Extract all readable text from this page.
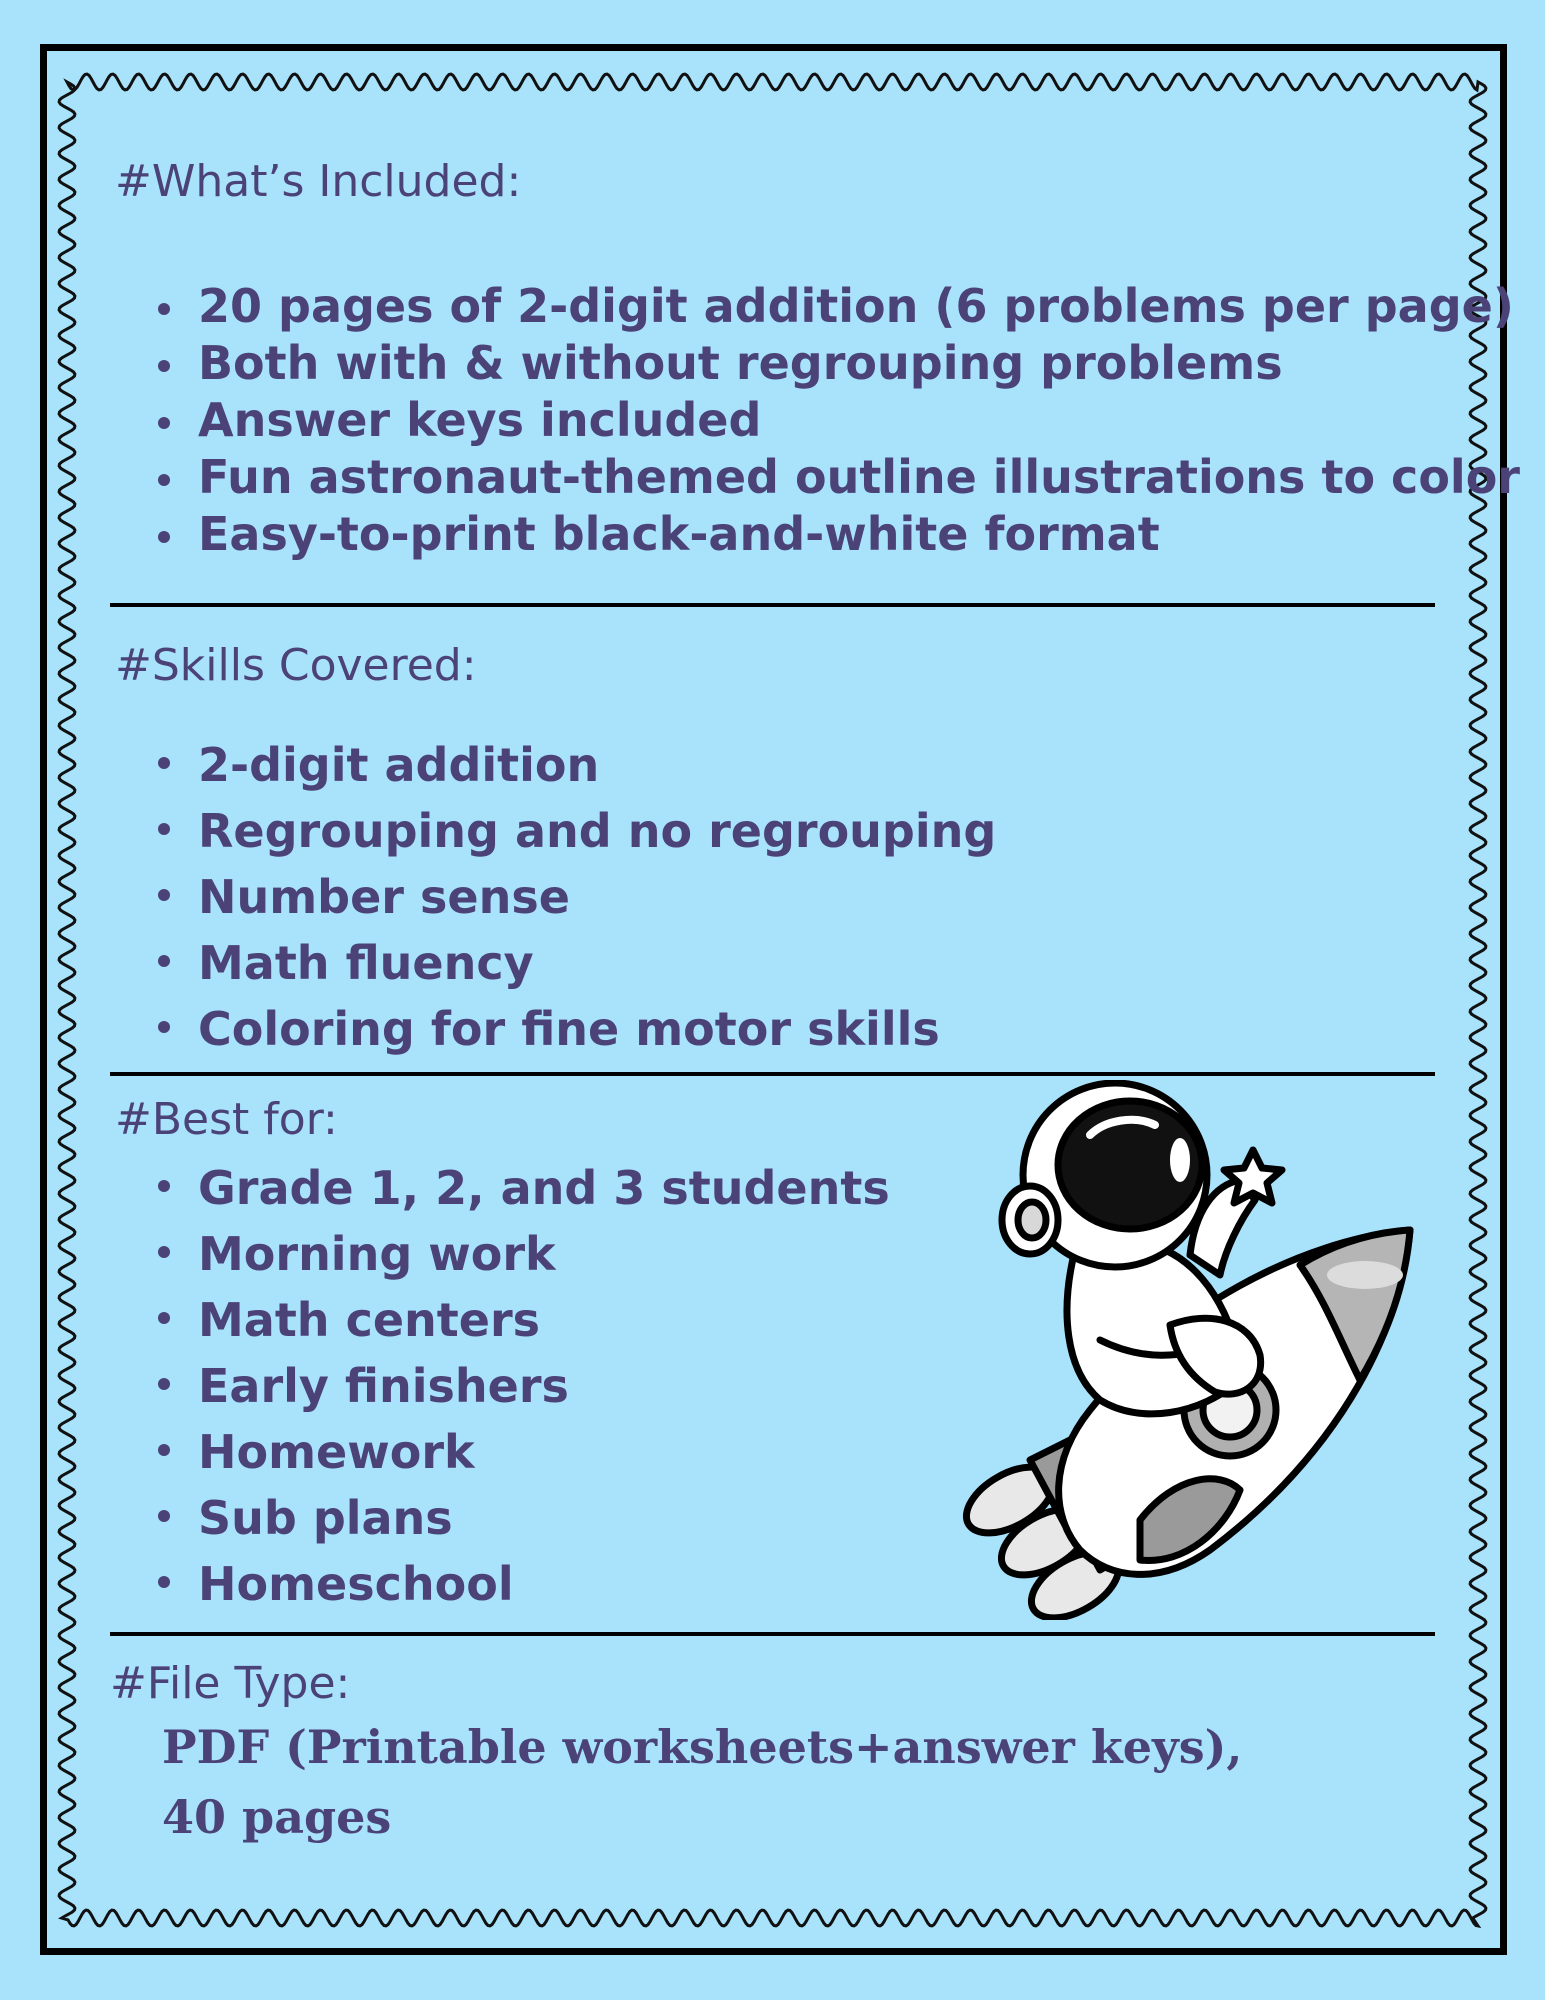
#What’s Included:
20 pages of 2-digit addition (6 problems per page)
Both with & without regrouping problems
Answer keys included
Fun astronaut-themed outline illustrations to color
Easy-to-print black-and-white format
#Skills Covered:
2-digit addition
Regrouping and no regrouping
Number sense
Math fluency
Coloring for fine motor skills
#Best for:
Grade 1, 2, and 3 students
Morning work
Math centers
Early finishers
Homework
Sub plans
Homeschool
#File Type:

PDF (Printable worksheets+answer keys),

40 pages
